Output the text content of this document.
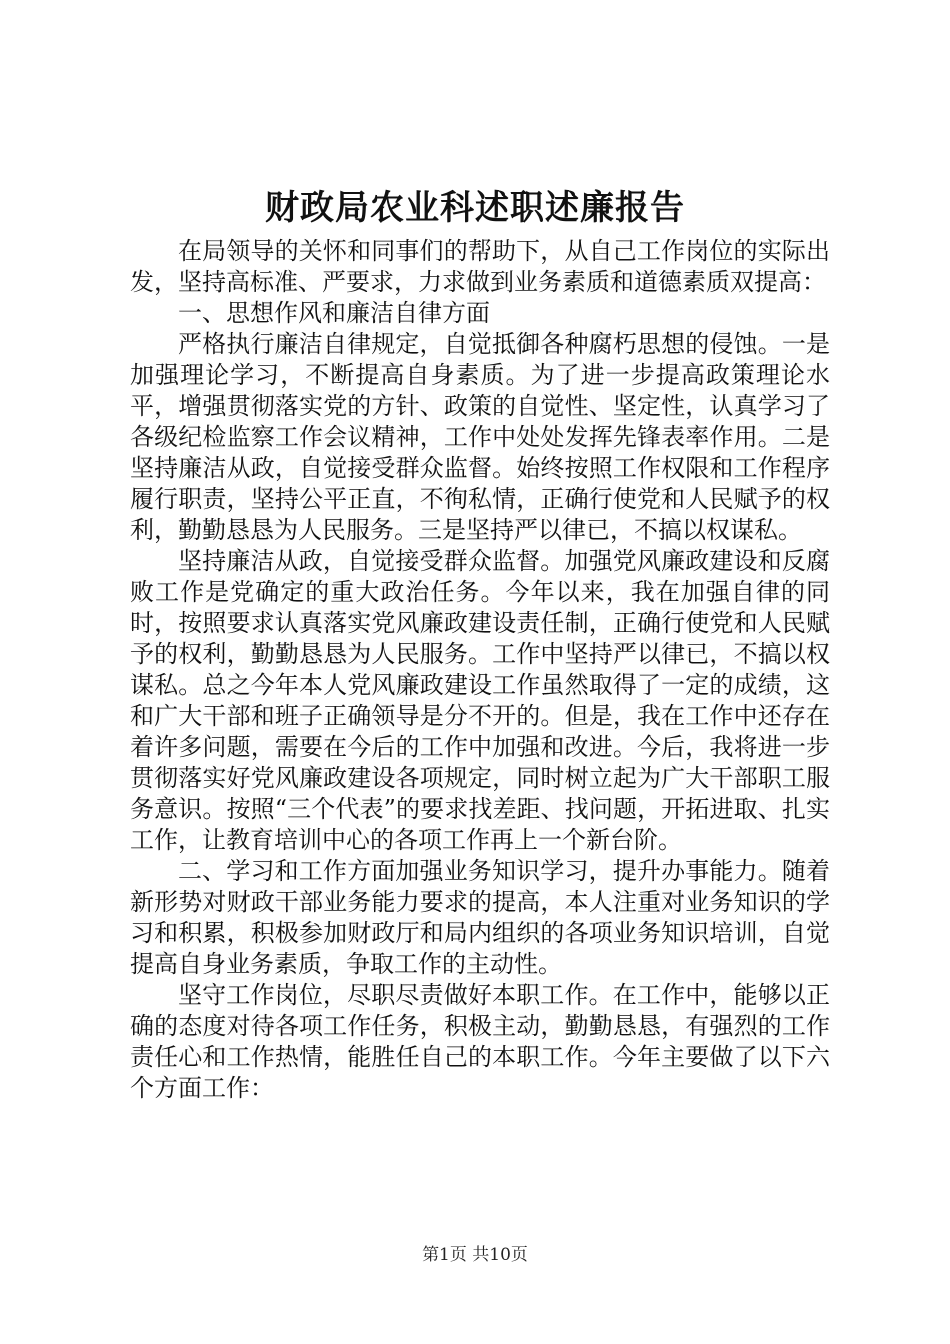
财政局农业科述职述廉报告

在局领导的关怀和同事们的帮助下，从自己工作岗位的实际出发，坚持高标准、严要求，力求做到业务素质和道德素质双提高：

一、思想作风和廉洁自律方面

严格执行廉洁自律规定，自觉抵御各种腐朽思想的侵蚀。一是加强理论学习，不断提高自身素质。为了进一步提高政策理论水平，增强贯彻落实党的方针、政策的自觉性、坚定性，认真学习了各级纪检监察工作会议精神，工作中处处发挥先锋表率作用。二是坚持廉洁从政，自觉接受群众监督。始终按照工作权限和工作程序履行职责，坚持公平正直，不徇私情，正确行使党和人民赋予的权利，勤勤恳恳为人民服务。三是坚持严以律已，不搞以权谋私。

坚持廉洁从政，自觉接受群众监督。加强党风廉政建设和反腐败工作是党确定的重大政治任务。今年以来，我在加强自律的同时，按照要求认真落实党风廉政建设责任制，正确行使党和人民赋予的权利，勤勤恳恳为人民服务。工作中坚持严以律已，不搞以权谋私。总之今年本人党风廉政建设工作虽然取得了一定的成绩，这和广大干部和班子正确领导是分不开的。但是，我在工作中还存在着许多问题，需要在今后的工作中加强和改进。今后，我将进一步贯彻落实好党风廉政建设各项规定，同时树立起为广大干部职工服务意识。按照“三个代表”的要求找差距、找问题，开拓进取、扎实工作，让教育培训中心的各项工作再上一个新台阶。

二、学习和工作方面加强业务知识学习，提升办事能力。随着新形势对财政干部业务能力要求的提高，本人注重对业务知识的学习和积累，积极参加财政厅和局内组织的各项业务知识培训，自觉提高自身业务素质，争取工作的主动性。

坚守工作岗位，尽职尽责做好本职工作。在工作中，能够以正确的态度对待各项工作任务，积极主动，勤勤恳恳，有强烈的工作责任心和工作热情，能胜任自己的本职工作。今年主要做了以下六个方面工作：

第1页 共10页
